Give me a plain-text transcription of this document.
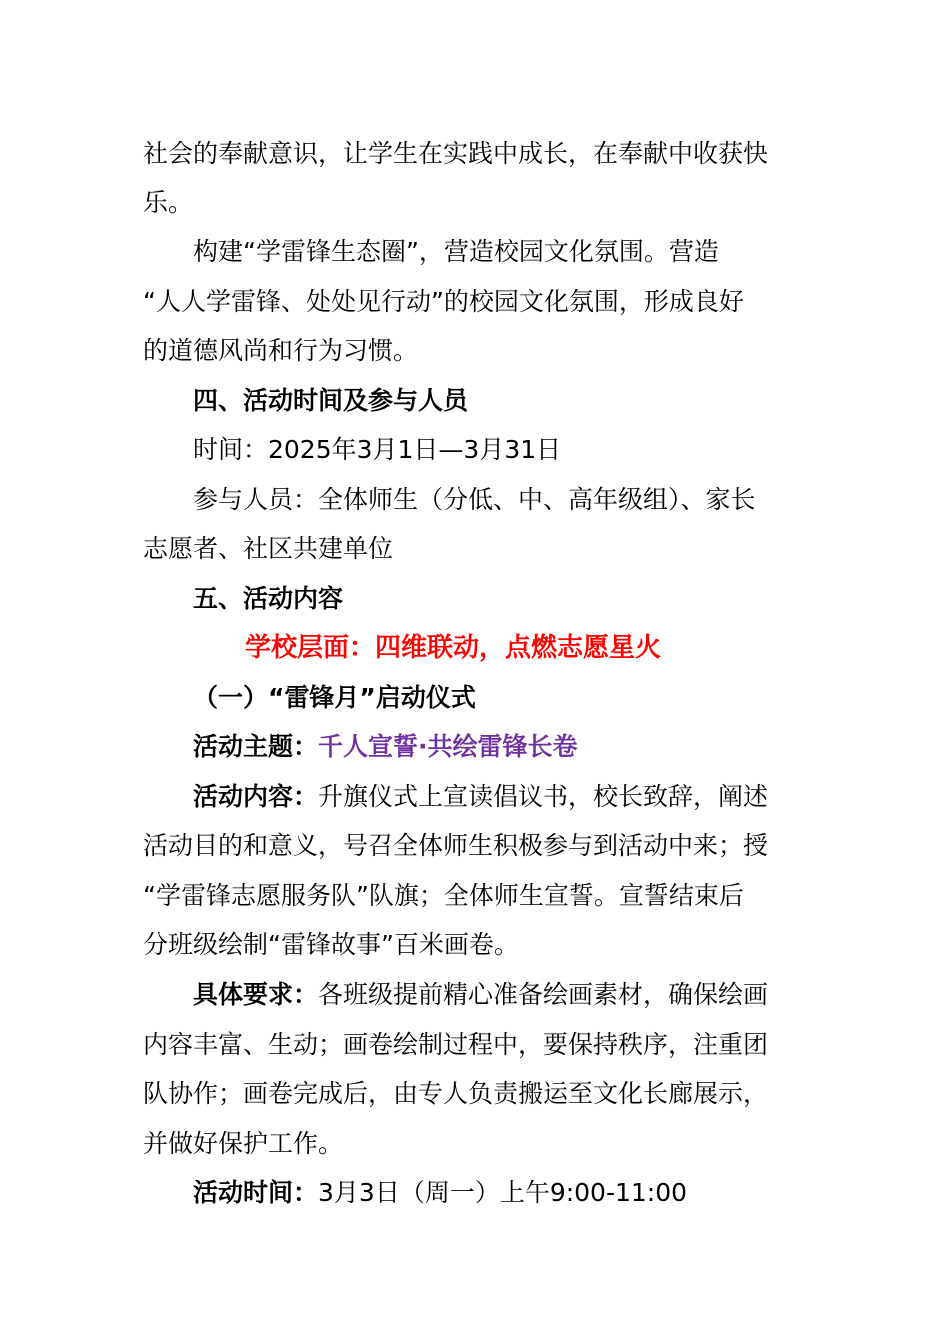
社会的奉献意识，让学生在实践中成长，在奉献中收获快
乐。
构建“学雷锋生态圈”，营造校园文化氛围。营造
“人人学雷锋、处处见行动”的校园文化氛围，形成良好
的道德风尚和行为习惯。
四、活动时间及参与人员
时间：2025年3月1日—3月31日
参与人员：全体师生（分低、中、高年级组）、家长
志愿者、社区共建单位
五、活动内容
学校层面：四维联动，点燃志愿星火
（一）“雷锋月”启动仪式
活动主题：千人宣誓·共绘雷锋长卷
活动内容：升旗仪式上宣读倡议书，校长致辞，阐述
活动目的和意义，号召全体师生积极参与到活动中来；授
“学雷锋志愿服务队”队旗；全体师生宣誓。宣誓结束后
分班级绘制“雷锋故事”百米画卷。
具体要求：各班级提前精心准备绘画素材，确保绘画
内容丰富、生动；画卷绘制过程中，要保持秩序，注重团
队协作；画卷完成后，由专人负责搬运至文化长廊展示，
并做好保护工作。
活动时间：3月3日（周一）上午9:00-11:00
